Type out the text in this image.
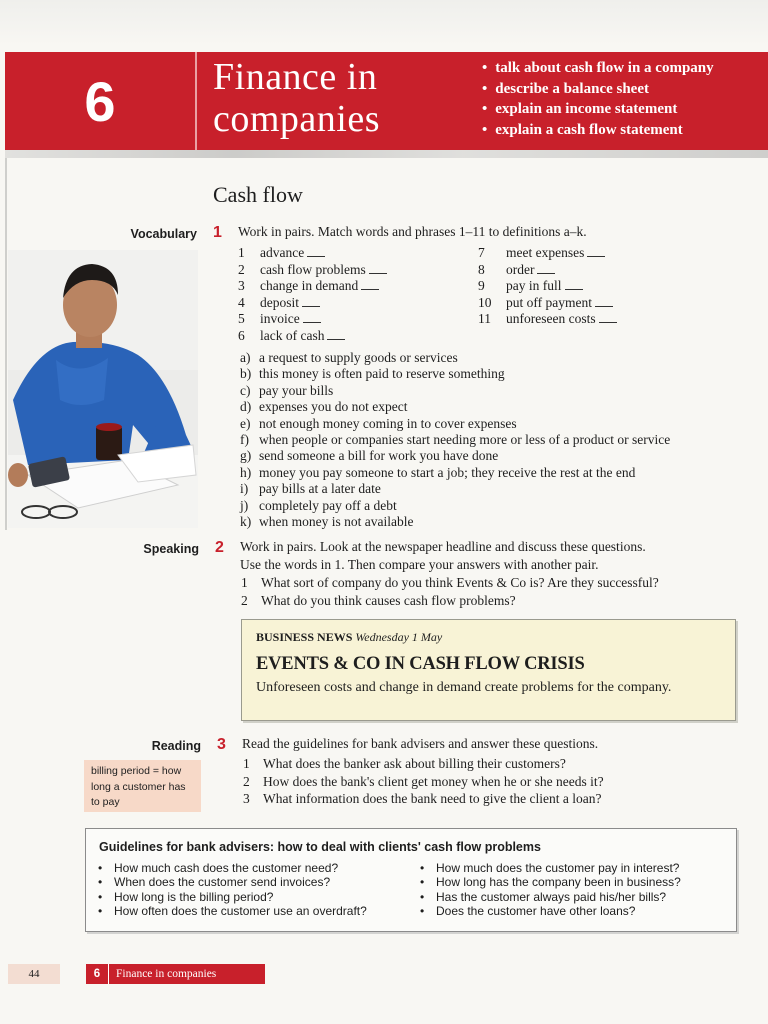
6	Finance in
companies
• talk about cash flow in a company
• describe a balance sheet
• explain an income statement
• explain a cash flow statement
Cash flow
Vocabulary 1 Work in pairs. Match words and phrases 1–11 to definitions a–k.
1	advance
2	cash flow problems
3	change in demand
4	deposit
5	invoice
6	lack of cash
7	meet expenses
8	order
9	pay in full
10	put off payment
11	unforeseen costs
a) a request to supply goods or services
b) this money is often paid to reserve something
c) pay your bills
d) expenses you do not expect
e) not enough money coming in to cover expenses
f) when people or companies start needing more or less of a product or service
g) send someone a bill for work you have done
h) money you pay someone to start a job; they receive the rest at the end
i) pay bills at a later date
j) completely pay off a debt
k) when money is not available
Speaking 2 Work in pairs. Look at the newspaper headline and discuss these questions.
Use the words in 1. Then compare your answers with another pair.
1 What sort of company do you think Events & Co is? Are they successful?
2 What do you think causes cash flow problems?
BUSINESS NEWS Wednesday 1 May
EVENTS & CO IN CASH FLOW CRISIS
Unforeseen costs and change in demand create problems for the company.
Reading 3 Read the guidelines for bank advisers and answer these questions.
1 What does the banker ask about billing their customers?
2 How does the bank's client get money when he or she needs it?
3 What information does the bank need to give the client a loan?
billing period = how
long a customer has
to pay
Guidelines for bank advisers: how to deal with clients' cash flow problems
• How much cash does the customer need?
• When does the customer send invoices?
• How long is the billing period?
• How often does the customer use an overdraft?
• How much does the customer pay in interest?
• How long has the company been in business?
• Has the customer always paid his/her bills?
• Does the customer have other loans?
44	6	Finance in companies
